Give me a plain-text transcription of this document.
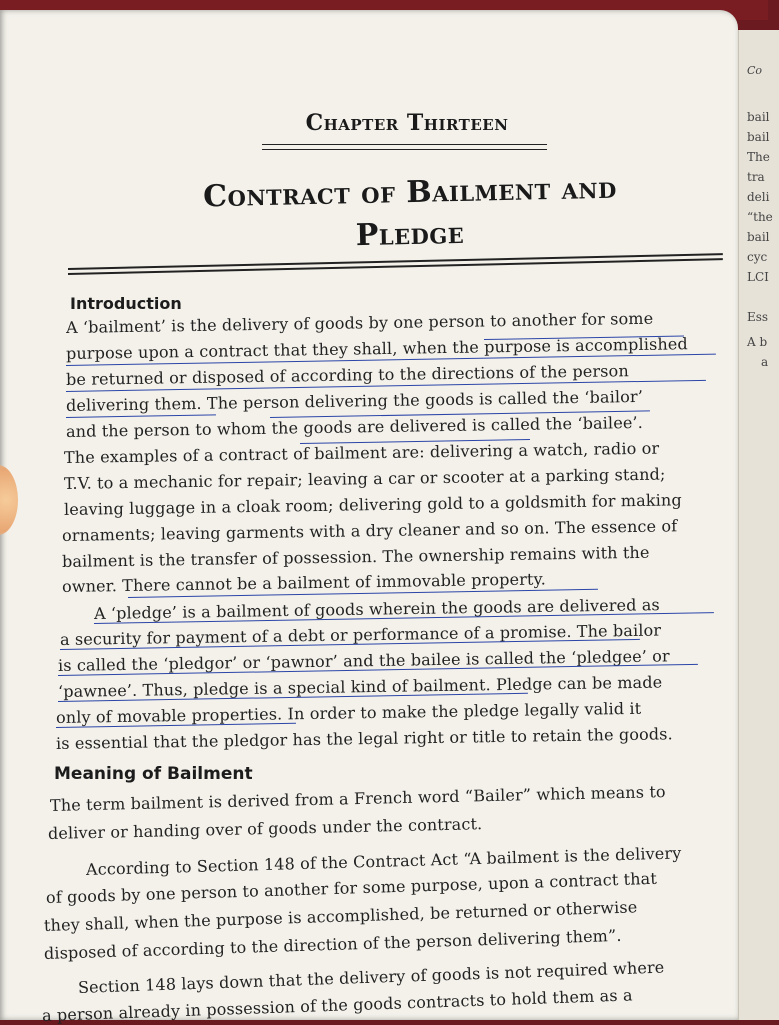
Co
bail
bail
The
tra
deli
“the
bail
cyc
LCI
Ess
A b
a
Chapter Thirteen
Contract of Bailment and
Pledge
Introduction
A ‘bailment’ is the delivery of goods by one person to another for some
purpose upon a contract that they shall, when the purpose is accomplished
be returned or disposed of according to the directions of the person
delivering them. The person delivering the goods is called the ‘bailor’
and the person to whom the goods are delivered is called the ‘bailee’.
The examples of a contract of bailment are: delivering a watch, radio or
T.V. to a mechanic for repair; leaving a car or scooter at a parking stand;
leaving luggage in a cloak room; delivering gold to a goldsmith for making
ornaments; leaving garments with a dry cleaner and so on. The essence of
bailment is the transfer of possession. The ownership remains with the
owner. There cannot be a bailment of immovable property.
A ‘pledge’ is a bailment of goods wherein the goods are delivered as
a security for payment of a debt or performance of a promise. The bailor
is called the ‘pledgor’ or ‘pawnor’ and the bailee is called the ‘pledgee’ or
‘pawnee’. Thus, pledge is a special kind of bailment. Pledge can be made
only of movable properties. In order to make the pledge legally valid it
is essential that the pledgor has the legal right or title to retain the goods.
Meaning of Bailment
The term bailment is derived from a French word “Bailer” which means to
deliver or handing over of goods under the contract.
According to Section 148 of the Contract Act “A bailment is the delivery
of goods by one person to another for some purpose, upon a contract that
they shall, when the purpose is accomplished, be returned or otherwise
disposed of according to the direction of the person delivering them”.
Section 148 lays down that the delivery of goods is not required where
a person already in possession of the goods contracts to hold them as a
